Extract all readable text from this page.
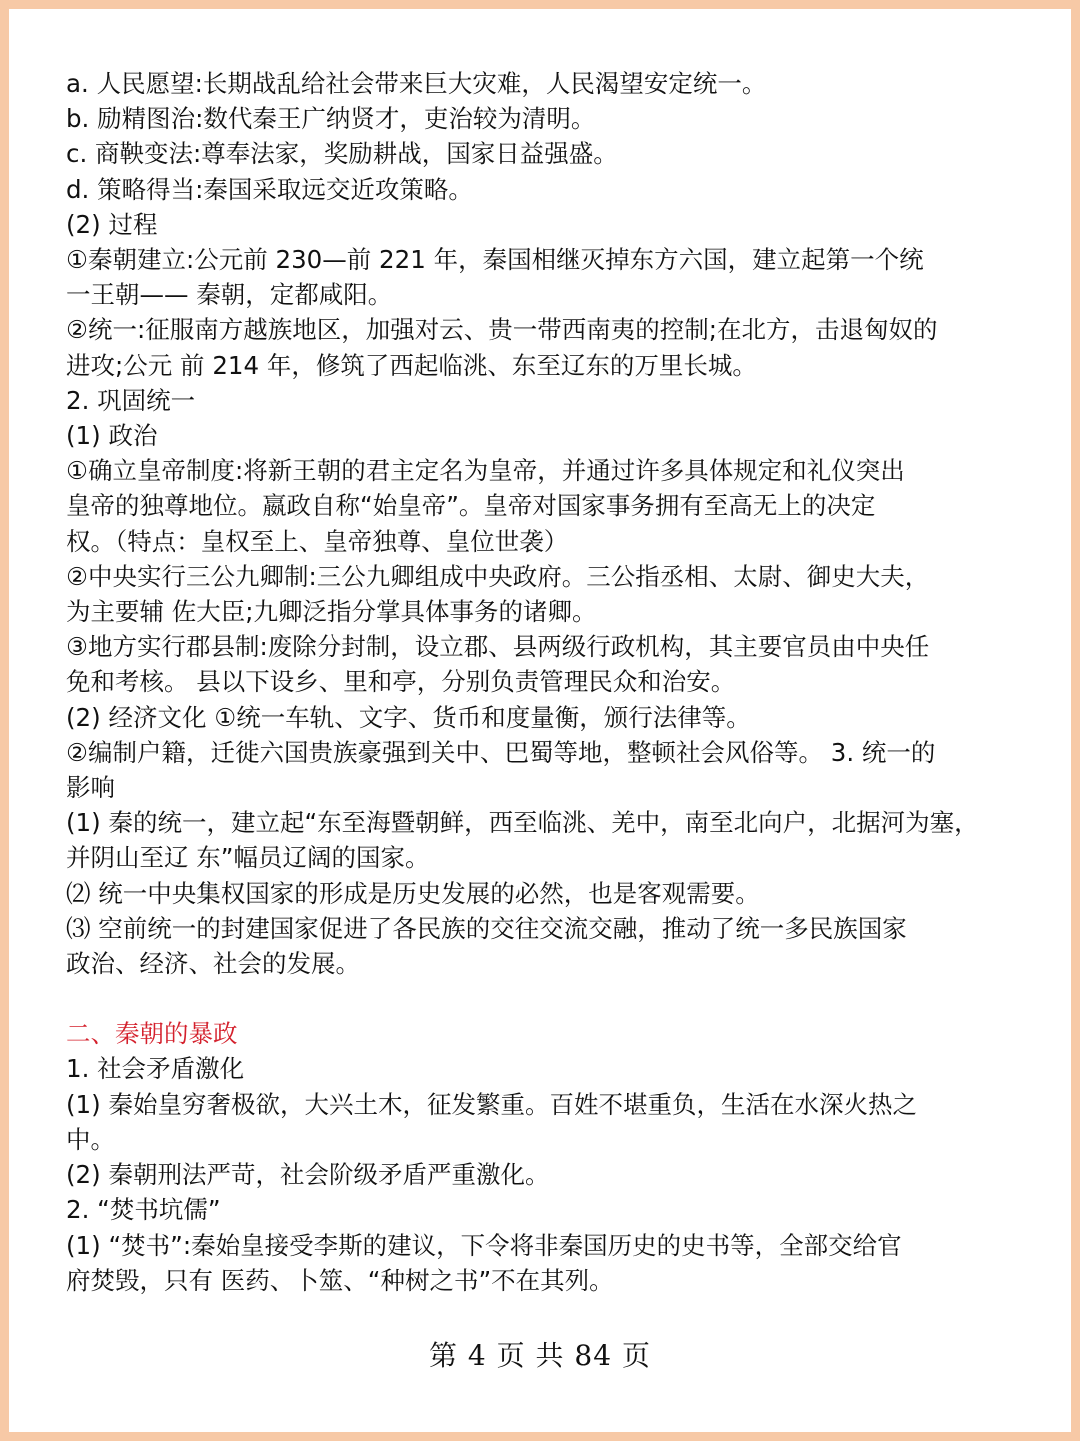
a. 人民愿望:长期战乱给社会带来巨大灾难，人民渴望安定统一。

b. 励精图治:数代秦王广纳贤才，吏治较为清明。

c. 商鞅变法:尊奉法家，奖励耕战，国家日益强盛。

d. 策略得当:秦国采取远交近攻策略。

(2) 过程

①秦朝建立:公元前 230—前 221 年，秦国相继灭掉东方六国，建立起第一个统

一王朝—— 秦朝，定都咸阳。

②统一:征服南方越族地区，加强对云、贵一带西南夷的控制;在北方，击退匈奴的

进攻;公元 前 214 年，修筑了西起临洮、东至辽东的万里长城。

2. 巩固统一

(1) 政治

①确立皇帝制度:将新王朝的君主定名为皇帝，并通过许多具体规定和礼仪突出

皇帝的独尊地位。嬴政自称“始皇帝”。皇帝对国家事务拥有至高无上的决定

权。（特点：皇权至上、皇帝独尊、皇位世袭）

②中央实行三公九卿制:三公九卿组成中央政府。三公指丞相、太尉、御史大夫，

为主要辅 佐大臣;九卿泛指分掌具体事务的诸卿。

③地方实行郡县制:废除分封制，设立郡、县两级行政机构，其主要官员由中央任

免和考核。 县以下设乡、里和亭，分别负责管理民众和治安。

(2) 经济文化 ①统一车轨、文字、货币和度量衡，颁行法律等。

②编制户籍，迁徙六国贵族豪强到关中、巴蜀等地，整顿社会风俗等。 3. 统一的

影响

(1) 秦的统一，建立起“东至海暨朝鲜，西至临洮、羌中，南至北向户，北据河为塞，

并阴山至辽 东”幅员辽阔的国家。

⑵ 统一中央集权国家的形成是历史发展的必然，也是客观需要。

⑶ 空前统一的封建国家促进了各民族的交往交流交融，推动了统一多民族国家

政治、经济、社会的发展。

二、秦朝的暴政

1. 社会矛盾激化

(1) 秦始皇穷奢极欲，大兴土木，征发繁重。百姓不堪重负，生活在水深火热之

中。

(2) 秦朝刑法严苛，社会阶级矛盾严重激化。

2. “焚书坑儒”

(1) “焚书”:秦始皇接受李斯的建议，下令将非秦国历史的史书等，全部交给官

府焚毁，只有 医药、卜筮、“种树之书”不在其列。

第 4 页 共 84 页
